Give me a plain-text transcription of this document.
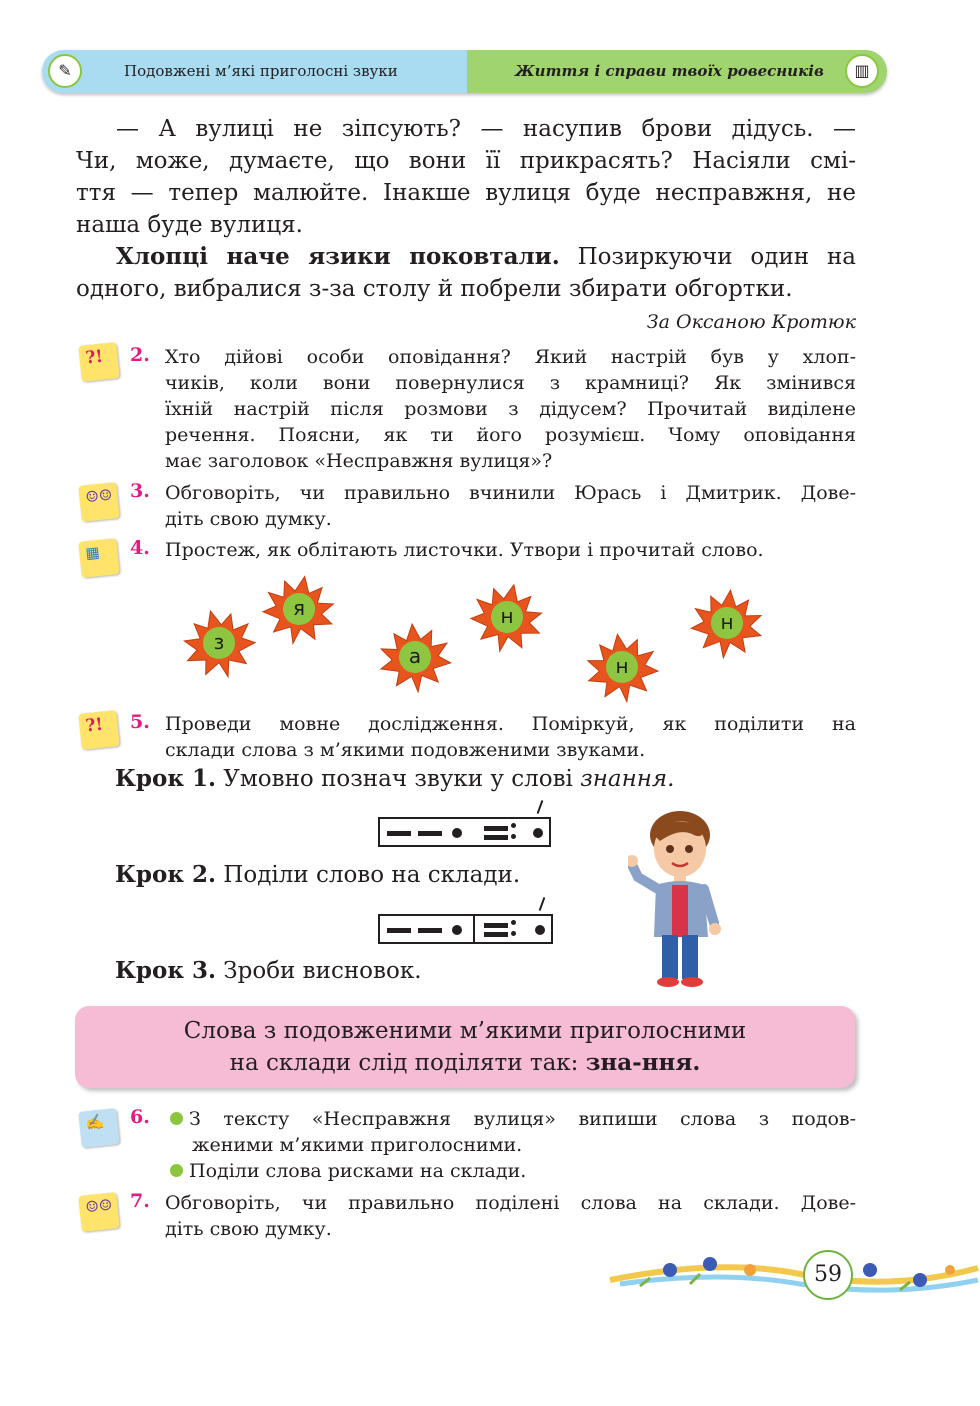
✎	Подовжені м’які приголосні звуки	Життя і справи твоїх ровесників	▥

— А вулиці не зіпсують? — насупив брови дідусь. —

Чи, може, думаєте, що вони її прикрасять? Насіяли смі-

ття — тепер малюйте. Інакше вулиця буде несправжня, не

наша буде вулиця.

Хлопці наче язики поковтали. Позиркуючи один на

одного, вибралися з-за столу й побрели збирати обгортки.

За Оксаною Кротюк
?! 2. Хто дійові особи оповідання? Який настрій був у хлоп-
чиків, коли вони повернулися з крамниці? Як змінився
їхній настрій після розмови з дідусем? Прочитай виділене
речення. Поясни, як ти його розумієш. Чому оповідання
має заголовок «Несправжня вулиця»?
☺☺ 3. Обговоріть, чи правильно вчинили Юрась і Дмитрик. Дове-
діть свою думку.
▦ 4. Простеж, як облітають листочки. Утвори і прочитай слово.
з
я
а
н
н
н
?! 5. Проведи мовне дослідження. Поміркуй, як поділити на
склади слова з м’якими подовженими звуками.
Крок 1. Умовно познач звуки у слові знання.
Крок 2. Поділи слово на склади.
Крок 3. Зроби висновок.
Слова з подовженими м’якими приголосними
на склади слід поділяти так: зна-ння.
✍ 6.	З тексту «Несправжня вулиця» випиши слова з подов-
женими м’якими приголосними.
Поділи слова рисками на склади.
☺☺ 7. Обговоріть, чи правильно поділені слова на склади. Дове-
діть свою думку.
59
